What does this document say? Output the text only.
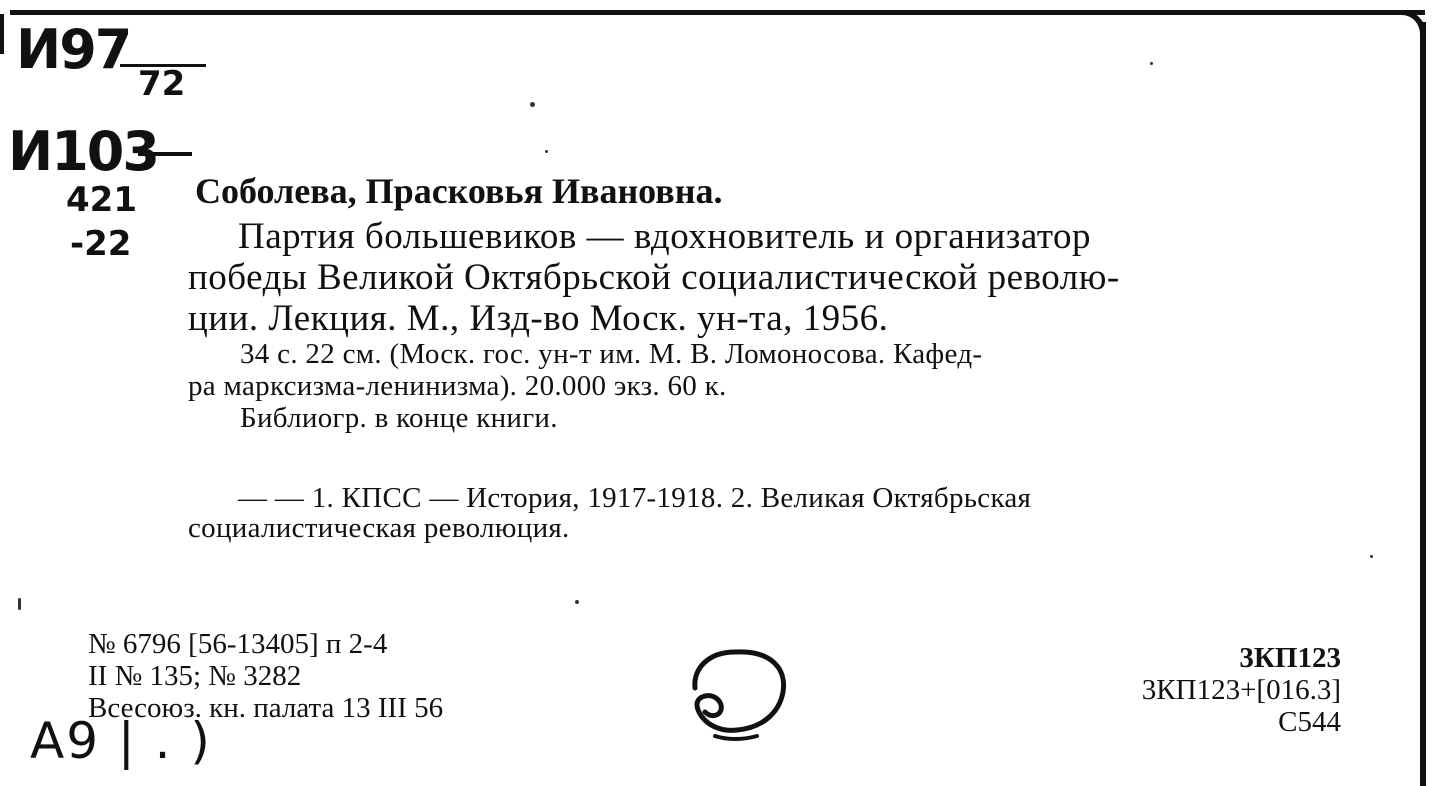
И97
72
И103
421
-22
Соболева, Прасковья Ивановна.
Партия большевиков — вдохновитель и организатор
победы Великой Октябрьской социалистической револю-
ции. Лекция. М., Изд-во Моск. ун-та, 1956.
34 с. 22 см. (Моск. гос. ун-т им. М. В. Ломоносова. Кафед-
ра марксизма-ленинизма). 20.000 экз. 60 к.
Библиогр. в конце книги.
— — 1. КПСС — История, 1917-1918. 2. Великая Октябрьская
социалистическая революция.
№ 6796 [56-13405] п 2-4
II № 135; № 3282
Всесоюз. кн. палата 13 III 56
3КП123
3КП123+[016.3]
С544
А9 | . )
